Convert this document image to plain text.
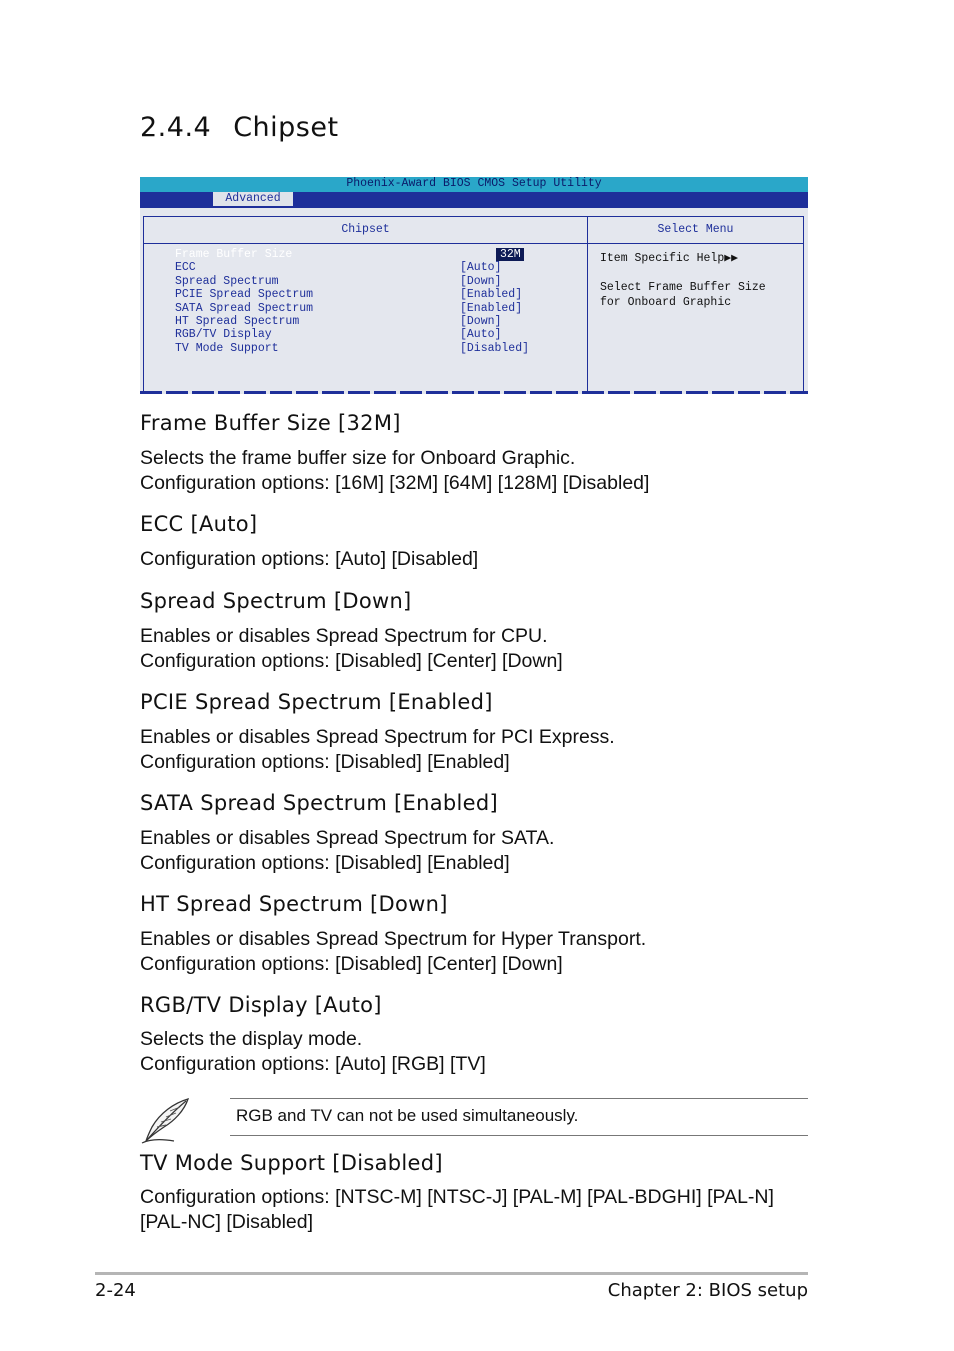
2.4.4 Chipset
Phoenix-Award BIOS CMOS Setup Utility
Advanced
Chipset
Frame Buffer Size	32M
ECC	[Auto]
Spread Spectrum	[Down]
PCIE Spread Spectrum	[Enabled]
SATA Spread Spectrum	[Enabled]
HT Spread Spectrum	[Down]
RGB/TV Display	[Auto]
TV Mode Support	[Disabled]
Select Menu
Item Specific Help▶▶

Select Frame Buffer Size
for Onboard Graphic
Frame Buffer Size [32M]
Selects the frame buffer size for Onboard Graphic.
Configuration options: [16M] [32M] [64M] [128M] [Disabled]
ECC [Auto]
Configuration options: [Auto] [Disabled]
Spread Spectrum [Down]
Enables or disables Spread Spectrum for CPU.
Configuration options: [Disabled] [Center] [Down]
PCIE Spread Spectrum [Enabled]
Enables or disables Spread Spectrum for PCI Express.
Configuration options: [Disabled] [Enabled]
SATA Spread Spectrum [Enabled]
Enables or disables Spread Spectrum for SATA.
Configuration options: [Disabled] [Enabled]
HT Spread Spectrum [Down]
Enables or disables Spread Spectrum for Hyper Transport.
Configuration options: [Disabled] [Center] [Down]
RGB/TV Display [Auto]
Selects the display mode.
Configuration options: [Auto] [RGB] [TV]
RGB and TV can not be used simultaneously.
TV Mode Support [Disabled]
Configuration options: [NTSC-M] [NTSC-J] [PAL-M] [PAL-BDGHI] [PAL-N]
[PAL-NC] [Disabled]
2-24	Chapter 2: BIOS setup
